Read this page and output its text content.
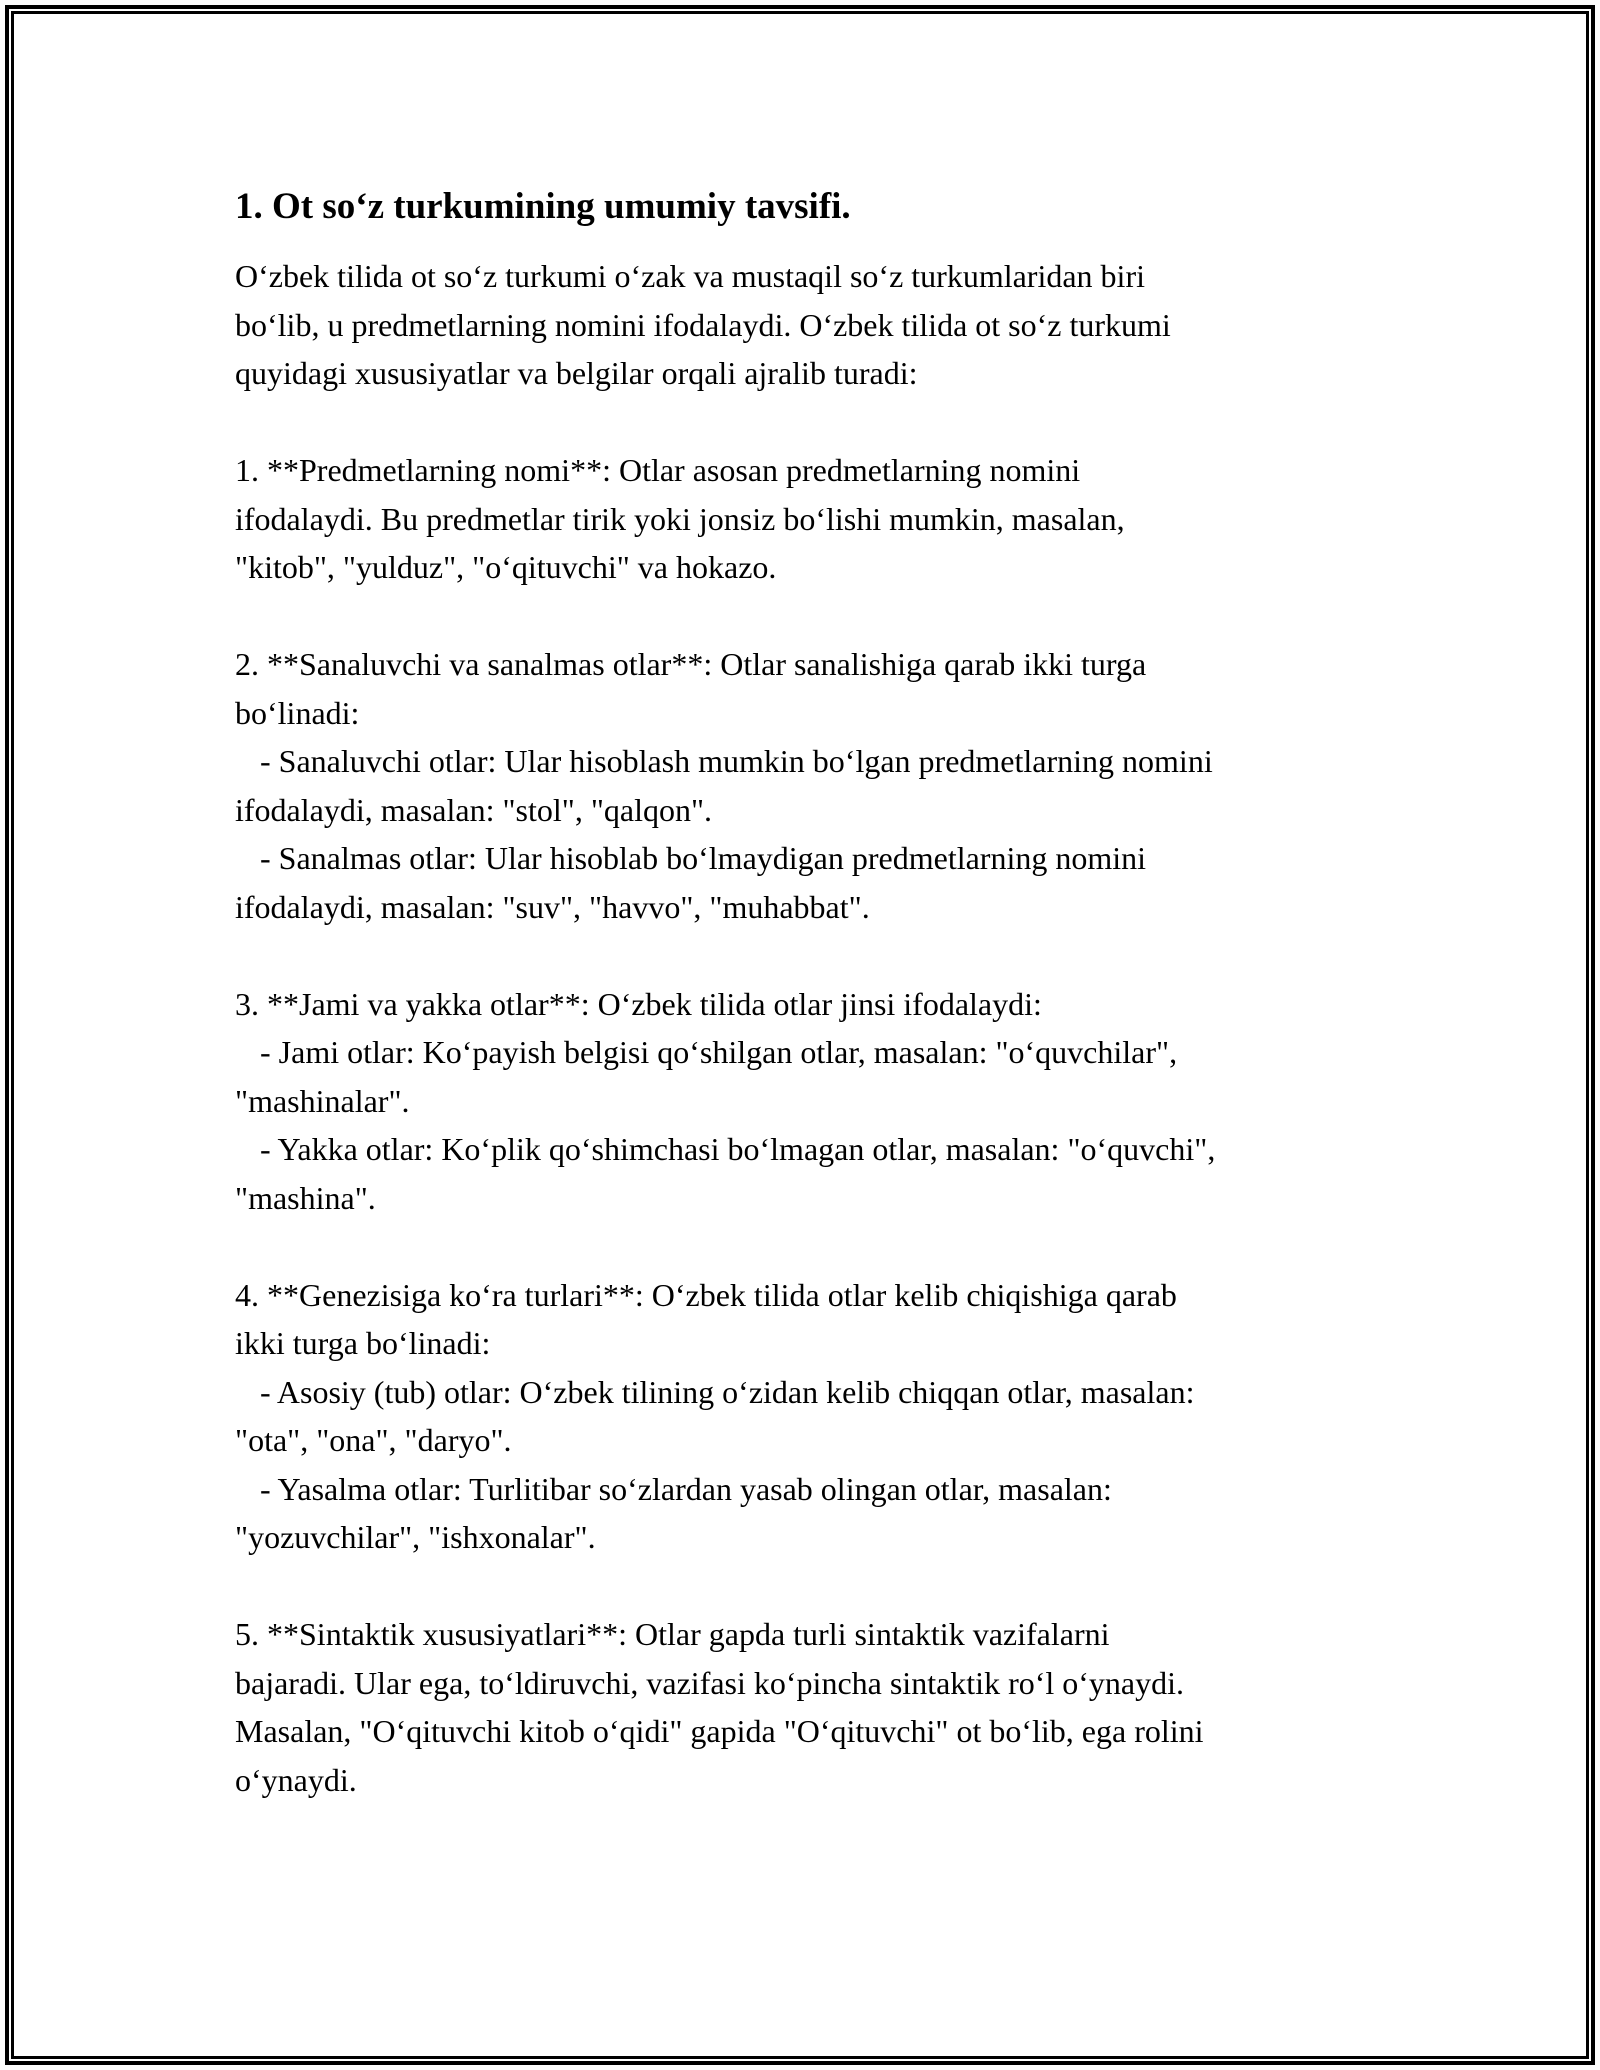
1. Ot so‘z turkumining umumiy tavsifi.
O‘zbek tilida ot so‘z turkumi o‘zak va mustaqil so‘z turkumlaridan biri
bo‘lib, u predmetlarning nomini ifodalaydi. O‘zbek tilida ot so‘z turkumi
quyidagi xususiyatlar va belgilar orqali ajralib turadi:
1. **Predmetlarning nomi**: Otlar asosan predmetlarning nomini
ifodalaydi. Bu predmetlar tirik yoki jonsiz bo‘lishi mumkin, masalan,
"kitob", "yulduz", "o‘qituvchi" va hokazo.
2. **Sanaluvchi va sanalmas otlar**: Otlar sanalishiga qarab ikki turga
bo‘linadi:
- Sanaluvchi otlar: Ular hisoblash mumkin bo‘lgan predmetlarning nomini
ifodalaydi, masalan: "stol", "qalqon".
- Sanalmas otlar: Ular hisoblab bo‘lmaydigan predmetlarning nomini
ifodalaydi, masalan: "suv", "havvo", "muhabbat".
3. **Jami va yakka otlar**: O‘zbek tilida otlar jinsi ifodalaydi:
- Jami otlar: Ko‘payish belgisi qo‘shilgan otlar, masalan: "o‘quvchilar",
"mashinalar".
- Yakka otlar: Ko‘plik qo‘shimchasi bo‘lmagan otlar, masalan: "o‘quvchi",
"mashina".
4. **Genezisiga ko‘ra turlari**: O‘zbek tilida otlar kelib chiqishiga qarab
ikki turga bo‘linadi:
- Asosiy (tub) otlar: O‘zbek tilining o‘zidan kelib chiqqan otlar, masalan:
"ota", "ona", "daryo".
- Yasalma otlar: Turlitibar so‘zlardan yasab olingan otlar, masalan:
"yozuvchilar", "ishxonalar".
5. **Sintaktik xususiyatlari**: Otlar gapda turli sintaktik vazifalarni
bajaradi. Ular ega, to‘ldiruvchi, vazifasi ko‘pincha sintaktik ro‘l o‘ynaydi.
Masalan, "O‘qituvchi kitob o‘qidi" gapida "O‘qituvchi" ot bo‘lib, ega rolini
o‘ynaydi.
